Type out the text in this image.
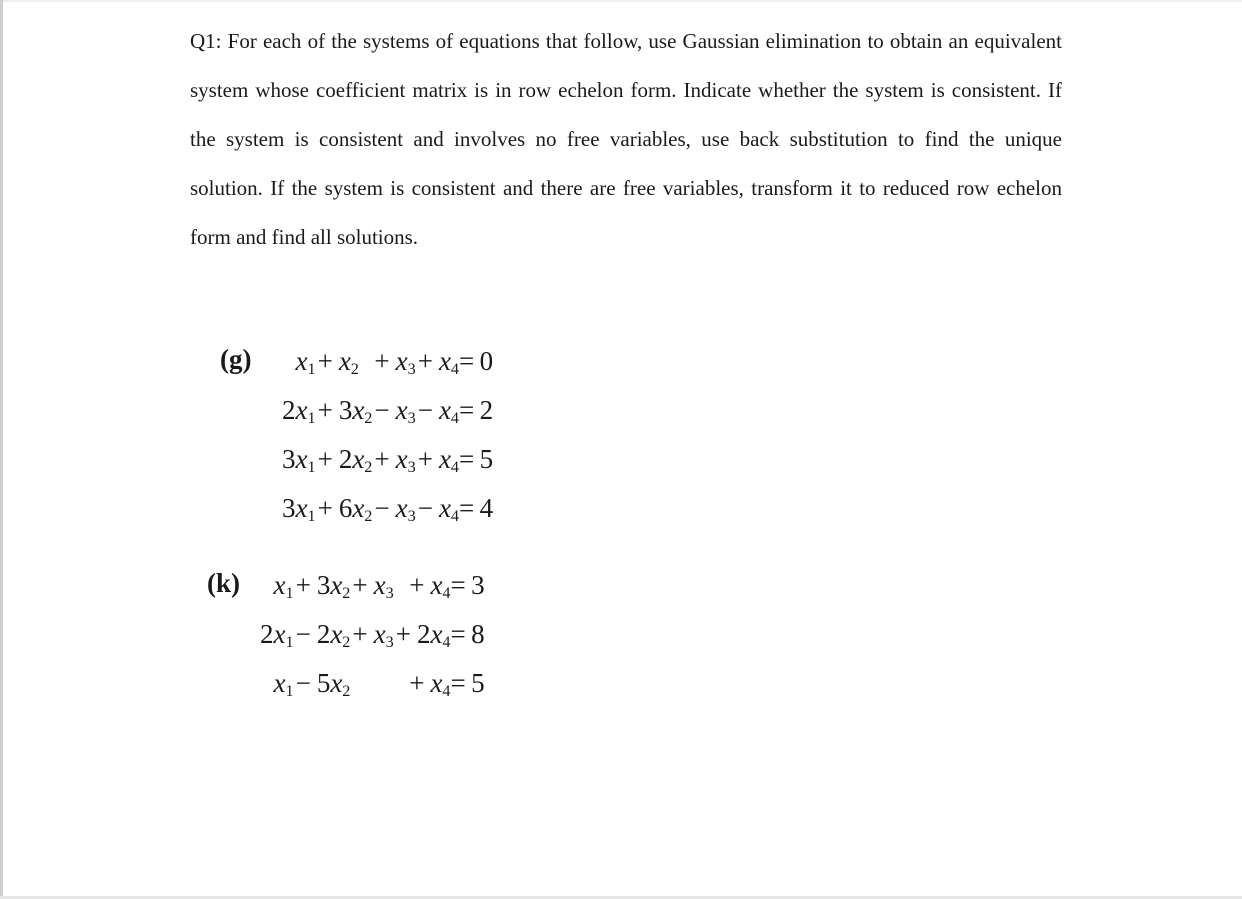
Q1: For each of the systems of equations that follow, use Gaussian elimination to obtain an equivalent system whose coefficient matrix is in row echelon form. Indicate whether the system is consistent. If the system is consistent and involves no free variables, use back substitution to find the unique solution. If the system is consistent and there are free variables, transform it to reduced row echelon form and find all solutions.

(g) $x_1$	+ $x_2$	+ $x_3$	+ $x_4$	=  0
$2x_1$	+ $3x_2$	− $x_3$	− $x_4$	=  2
$3x_1$	+ $2x_2$	+ $x_3$	+ $x_4$	=  5
$3x_1$	+ $6x_2$	− $x_3$	− $x_4$	=  4
(k) $x_1$	+ $3x_2$	+ $x_3$	+ $x_4$	=  3
$2x_1$	− $2x_2$	+ $x_3$	+ $2x_4$	=  8
$x_1$	− $5x_2$		+ $x_4$	=  5
